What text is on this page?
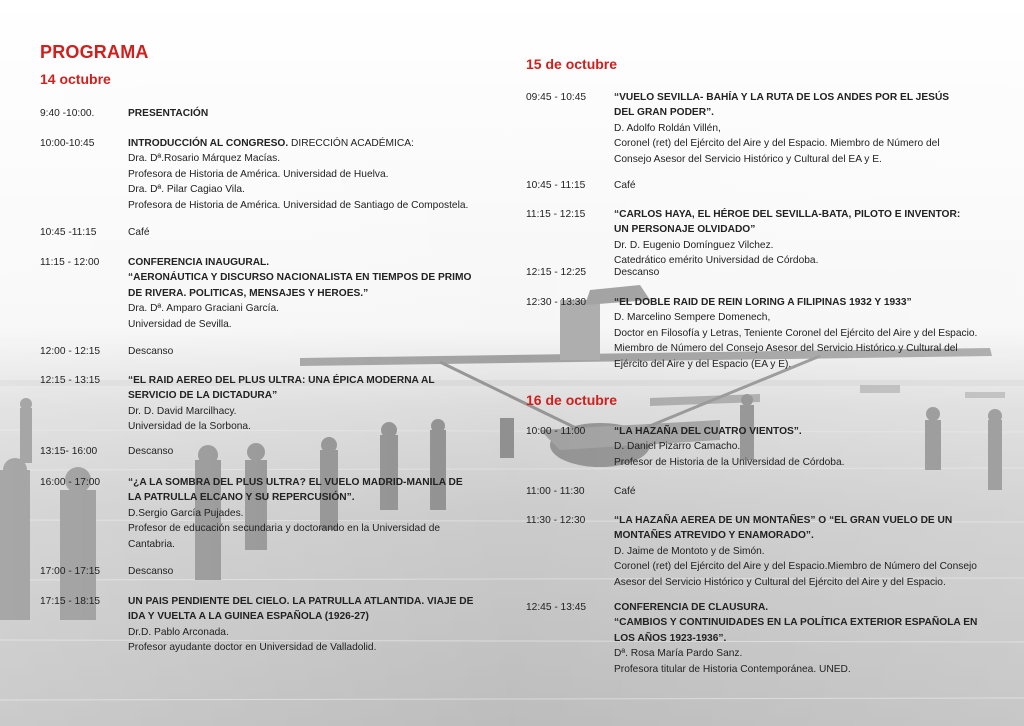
PROGRAMA
14 octubre
9:40 -10:00.	PRESENTACIÓN
10:00-10:45	INTRODUCCIÓN AL CONGRESO. DIRECCIÓN ACADÉMICA:
Dra. Dª.Rosario Márquez Macías.
Profesora de Historia de América. Universidad de Huelva.
Dra. Dª. Pilar Cagiao Vila.
Profesora de Historia de América. Universidad de Santiago de Compostela.
10:45 -11:15	Café
11:15 - 12:00	CONFERENCIA INAUGURAL.
“AERONÁUTICA Y DISCURSO NACIONALISTA EN TIEMPOS DE PRIMO
DE RIVERA. POLITICAS, MENSAJES Y HEROES.”
Dra. Dª. Amparo Graciani García.
Universidad de Sevilla.
12:00 - 12:15	Descanso
12:15 - 13:15	“EL RAID AEREO DEL PLUS ULTRA: UNA ÉPICA MODERNA AL
SERVICIO DE LA DICTADURA”
Dr. D. David Marcilhacy.
Universidad de la Sorbona.
13:15- 16:00	Descanso
16:00 - 17:00	“¿A LA SOMBRA DEL PLUS ULTRA? EL VUELO MADRID-MANILA DE
LA PATRULLA ELCANO Y SU REPERCUSIÓN”.
D.Sergio García Pujades.
Profesor de educación secundaria y doctorando en la Universidad de
Cantabria.
17:00 - 17:15	Descanso
17:15 - 18:15	UN PAIS PENDIENTE DEL CIELO. LA PATRULLA ATLANTIDA. VIAJE DE
IDA Y VUELTA A LA GUINEA ESPAÑOLA (1926-27)
Dr.D. Pablo Arconada.
Profesor ayudante doctor en Universidad de Valladolid.
15 de octubre
09:45 - 10:45	“VUELO SEVILLA- BAHÍA Y LA RUTA DE LOS ANDES POR EL JESÚS
DEL GRAN PODER”.
D. Adolfo Roldán Villén,
Coronel (ret) del Ejército del Aire y del Espacio. Miembro de Número del
Consejo Asesor del Servicio Histórico y Cultural del EA y E.
10:45 - 11:15	Café
11:15 - 12:15	“CARLOS HAYA, EL HÉROE DEL SEVILLA-BATA, PILOTO E INVENTOR:
UN PERSONAJE OLVIDADO”
Dr. D. Eugenio Domínguez Vilchez.
Catedrático emérito Universidad de Córdoba.
12:15 - 12:25	Descanso
12:30 - 13:30	“EL DOBLE RAID DE REIN LORING A FILIPINAS 1932 Y 1933”
D. Marcelino Sempere Domenech,
Doctor en Filosofía y Letras, Teniente Coronel del Ejército del Aire y del Espacio.
Miembro de Número del Consejo Asesor del Servicio Histórico y Cultural del
Ejército del Aire y del Espacio (EA y E).
16 de octubre
10:00 - 11:00	“LA HAZAÑA DEL CUATRO VIENTOS”.
D. Daniel Pizarro Camacho.
Profesor de Historia de la Universidad de Córdoba.
11:00 - 11:30	Café
11:30 - 12:30	“LA HAZAÑA AEREA DE UN MONTAÑES” O “EL GRAN VUELO DE UN
MONTAÑES ATREVIDO Y ENAMORADO”.
D. Jaime de Montoto y de Simón.
Coronel (ret) del Ejército del Aire y del Espacio.Miembro de Número del Consejo
Asesor del Servicio Histórico y Cultural del Ejército del Aire y del Espacio.
12:45 - 13:45	CONFERENCIA DE CLAUSURA.
“CAMBIOS Y CONTINUIDADES EN LA POLÍTICA EXTERIOR ESPAÑOLA EN
LOS AÑOS 1923-1936”.
Dª. Rosa María Pardo Sanz.
Profesora titular de Historia Contemporánea. UNED.
